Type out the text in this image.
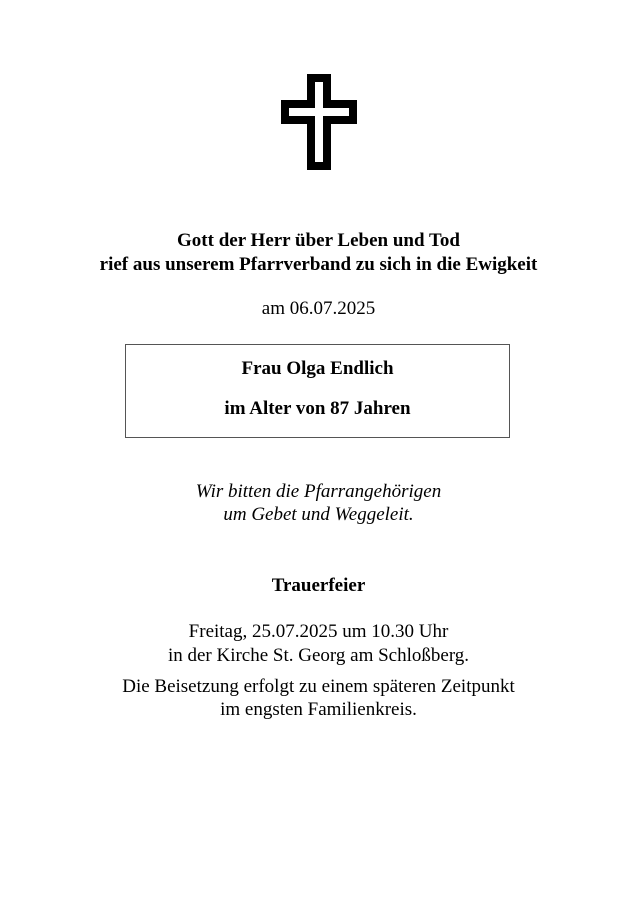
Gott der Herr über Leben und Tod
rief aus unserem Pfarrverband zu sich in die Ewigkeit
am 06.07.2025
Frau Olga Endlich
im Alter von 87 Jahren
Wir bitten die Pfarrangehörigen
um Gebet und Weggeleit.
Trauerfeier
Freitag, 25.07.2025 um 10.30 Uhr
in der Kirche St. Georg am Schloßberg.
Die Beisetzung erfolgt zu einem späteren Zeitpunkt
im engsten Familienkreis.
